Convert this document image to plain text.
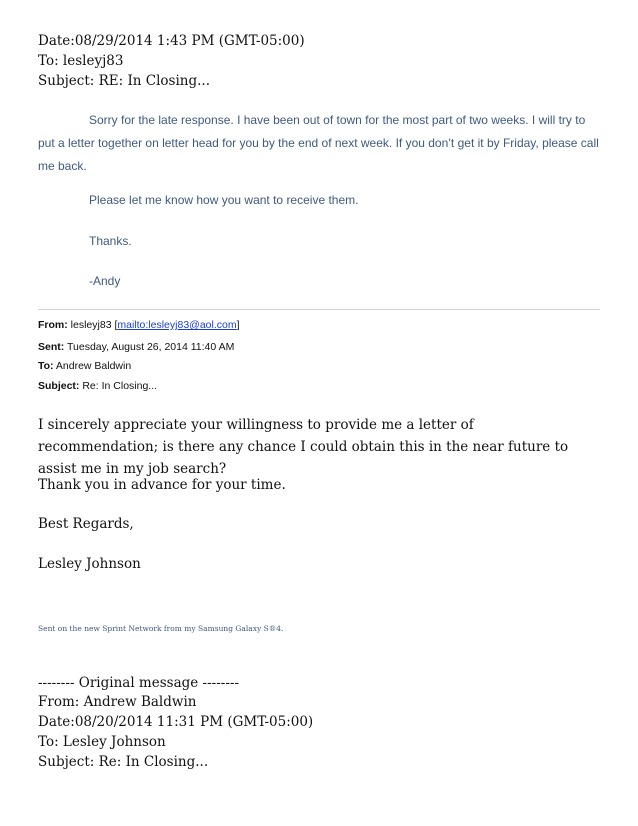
Date:08/29/2014 1:43 PM (GMT-05:00)
To: lesleyj83
Subject: RE: In Closing...
Sorry for the late response. I have been out of town for the most part of two weeks. I will try to put a letter together on letter head for you by the end of next week. If you don’t get it by Friday, please call me back.
Please let me know how you want to receive them.
Thanks.
-Andy
From: lesleyj83 [mailto:lesleyj83@aol.com]
Sent: Tuesday, August 26, 2014 11:40 AM
To: Andrew Baldwin
Subject: Re: In Closing...
I sincerely appreciate your willingness to provide me a letter of recommendation; is there any chance I could obtain this in the near future to assist me in my job search?
Thank you in advance for your time.
Best Regards,
Lesley Johnson
Sent on the new Sprint Network from my Samsung Galaxy S®4.
-------- Original message --------
From: Andrew Baldwin
Date:08/20/2014 11:31 PM (GMT-05:00)
To: Lesley Johnson
Subject: Re: In Closing...
